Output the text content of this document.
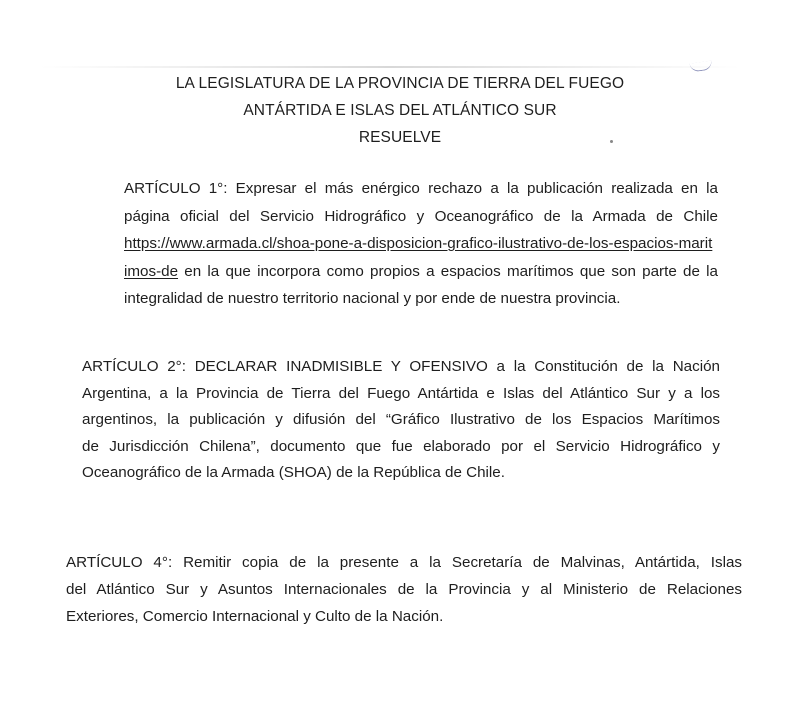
LA LEGISLATURA DE LA PROVINCIA DE TIERRA DEL FUEGO
ANTÁRTIDA E ISLAS DEL ATLÁNTICO SUR
RESUELVE
ARTÍCULO 1°: Expresar el más enérgico rechazo a la publicación realizada en la
página oficial del Servicio Hidrográfico y Oceanográfico de la Armada de Chile
https://www.armada.cl/shoa-pone-a-disposicion-grafico-ilustrativo-de-los-espacios-marit
imos-de en la que incorpora como propios a espacios marítimos que son parte de la
integralidad de nuestro territorio nacional y por ende de nuestra provincia.
ARTÍCULO 2°: DECLARAR INADMISIBLE Y OFENSIVO a la Constitución de la Nación
Argentina, a la Provincia de Tierra del Fuego Antártida e Islas del Atlántico Sur y a los
argentinos, la publicación y difusión del “Gráfico Ilustrativo de los Espacios Marítimos
de Jurisdicción Chilena”, documento que fue elaborado por el Servicio Hidrográfico y
Oceanográfico de la Armada (SHOA) de la República de Chile.
ARTÍCULO 4°: Remitir copia de la presente a la Secretaría de Malvinas, Antártida, Islas
del Atlántico Sur y Asuntos Internacionales de la Provincia y al Ministerio de Relaciones
Exteriores, Comercio Internacional y Culto de la Nación.
